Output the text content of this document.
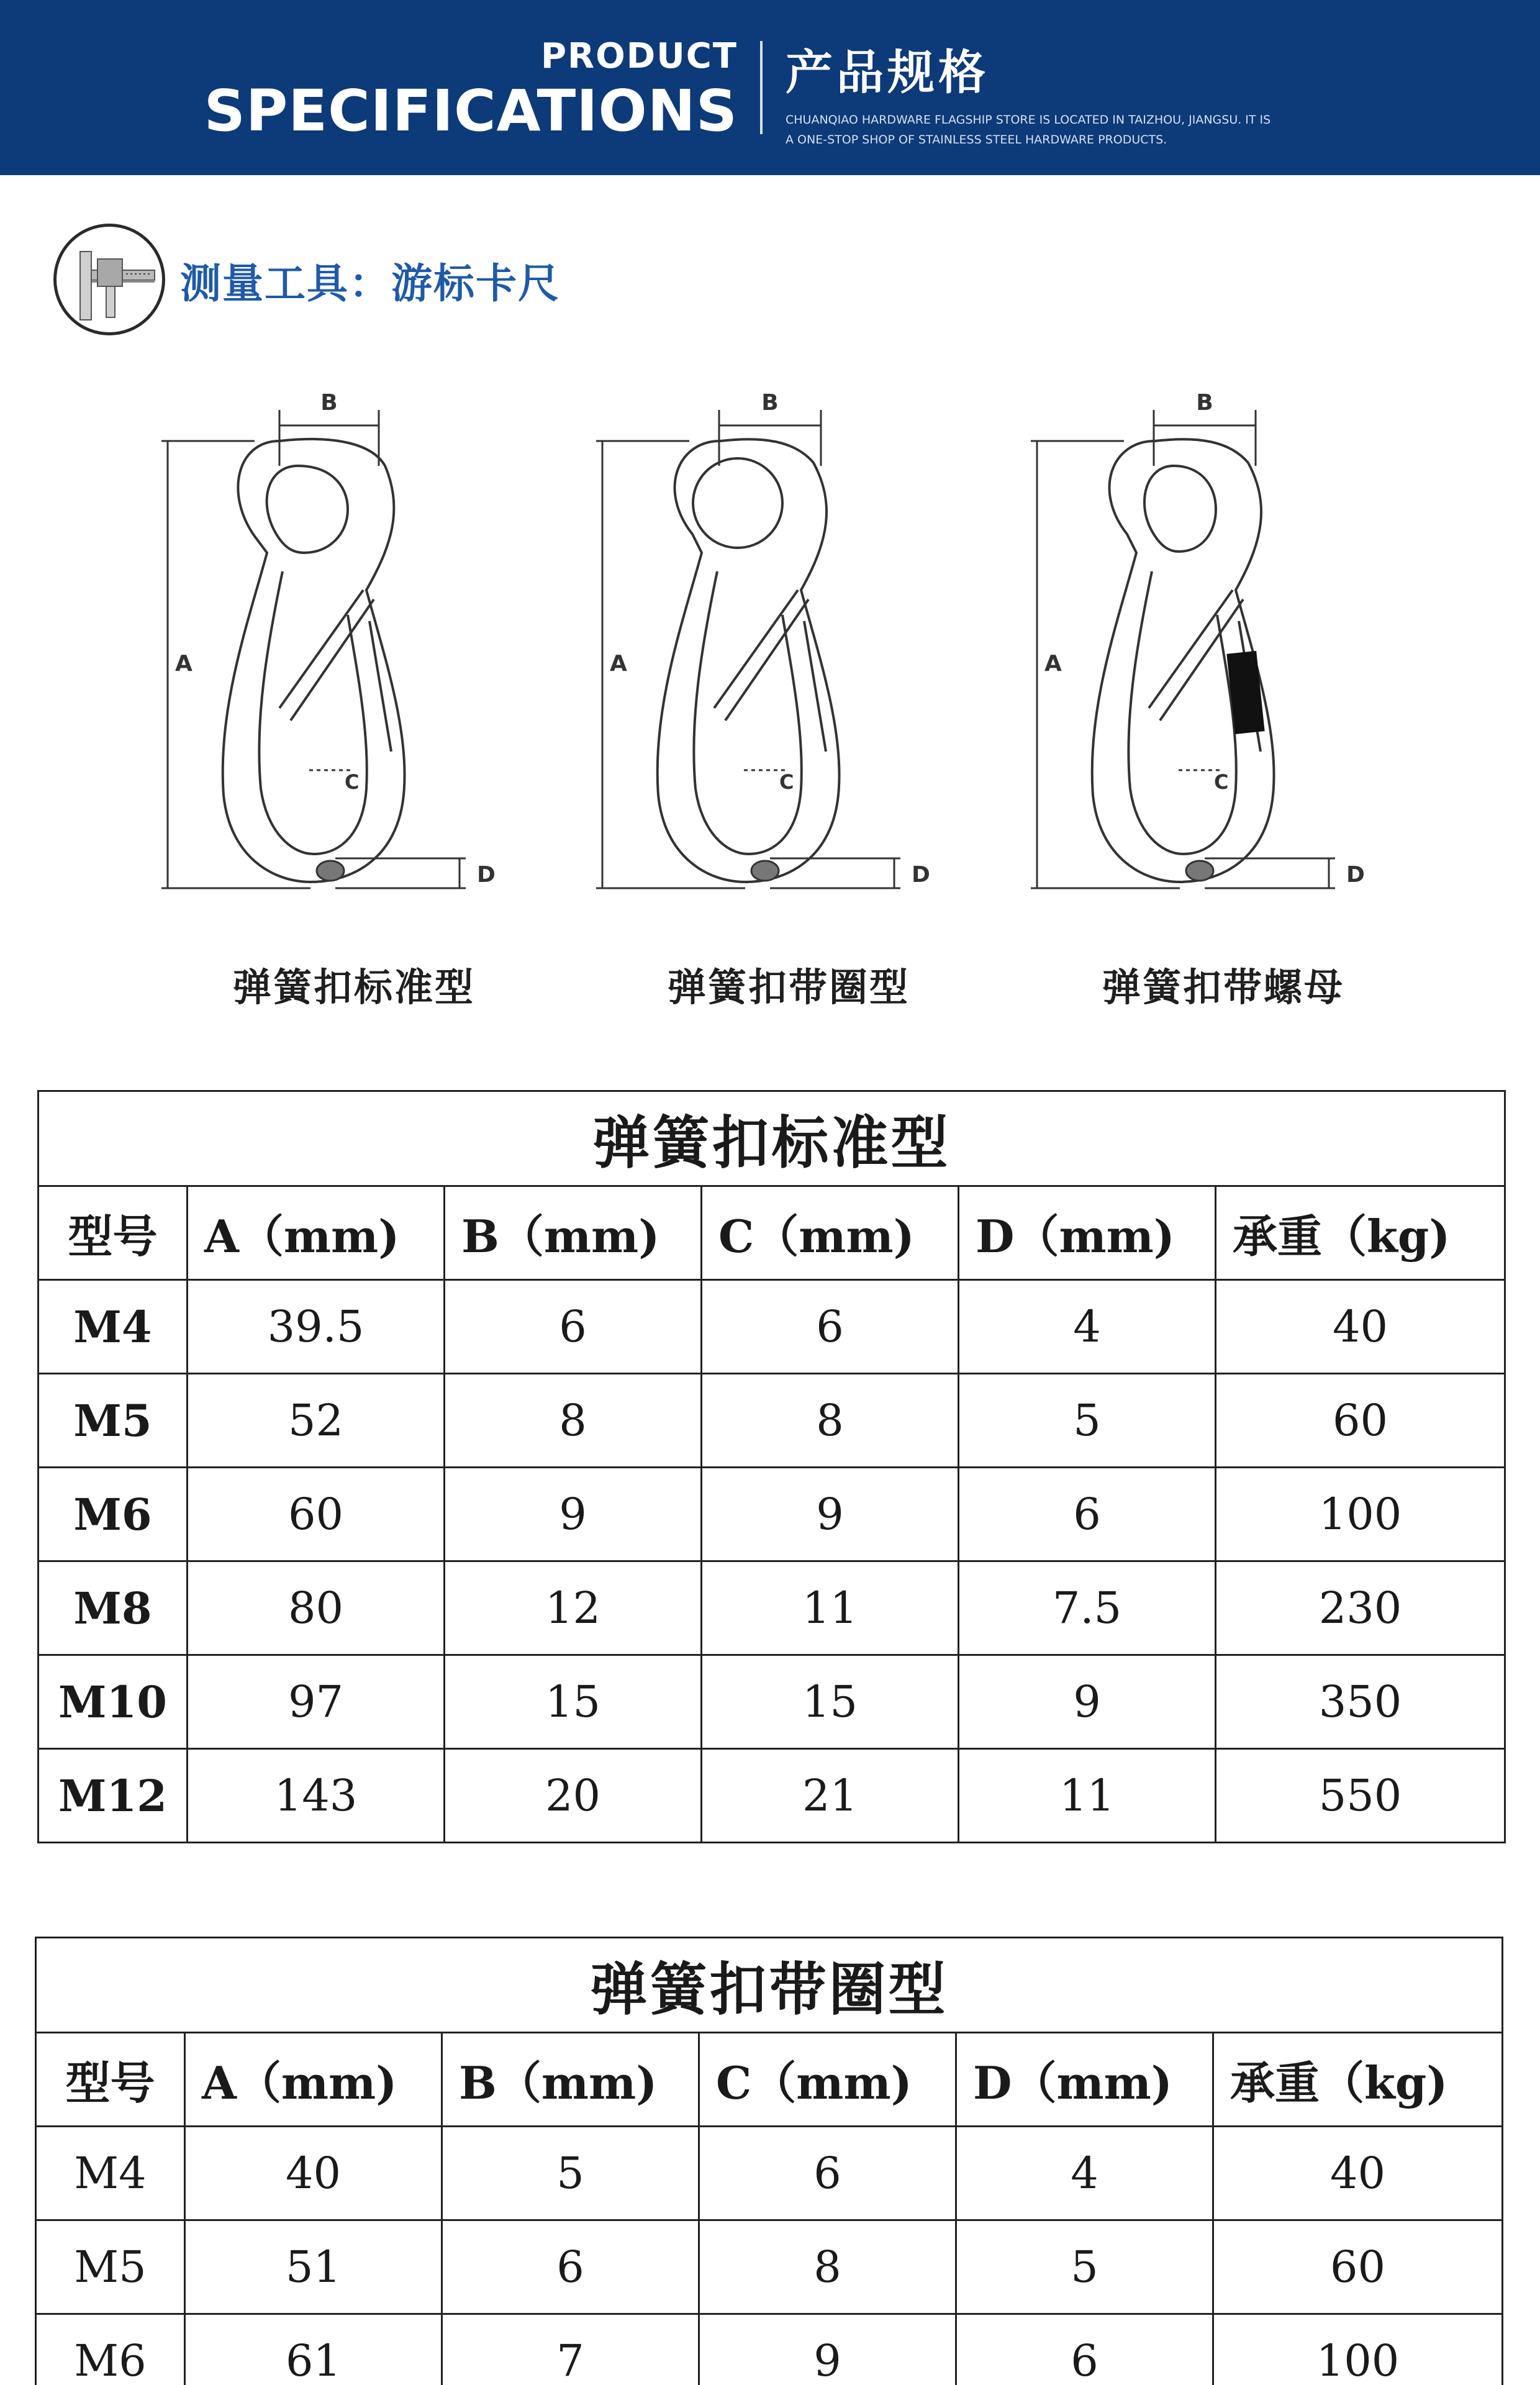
PRODUCT
SPECIFICATIONS
产品规格
CHUANQIAO HARDWARE FLAGSHIP STORE IS LOCATED IN TAIZHOU, JIANGSU. IT IS
A ONE-STOP SHOP OF STAINLESS STEEL HARDWARE PRODUCTS.
测量工具：游标卡尺
B
A
C
D
弹簧扣标准型
B
A
C
D
弹簧扣带圈型
B
A
C
D
弹簧扣带螺母
弹簧扣标准型					
型号	A（mm)	B（mm)	C（mm)	D（mm)	承重（kg)
M4	39.5	6	6	4	40
M5	52	8	8	5	60
M6	60	9	9	6	100
M8	80	12	11	7.5	230
M10	97	15	15	9	350
M12	143	20	21	11	550
弹簧扣带圈型					
型号	A（mm)	B（mm)	C（mm)	D（mm)	承重（kg)
M4	40	5	6	4	40
M5	51	6	8	5	60
M6	61	7	9	6	100
